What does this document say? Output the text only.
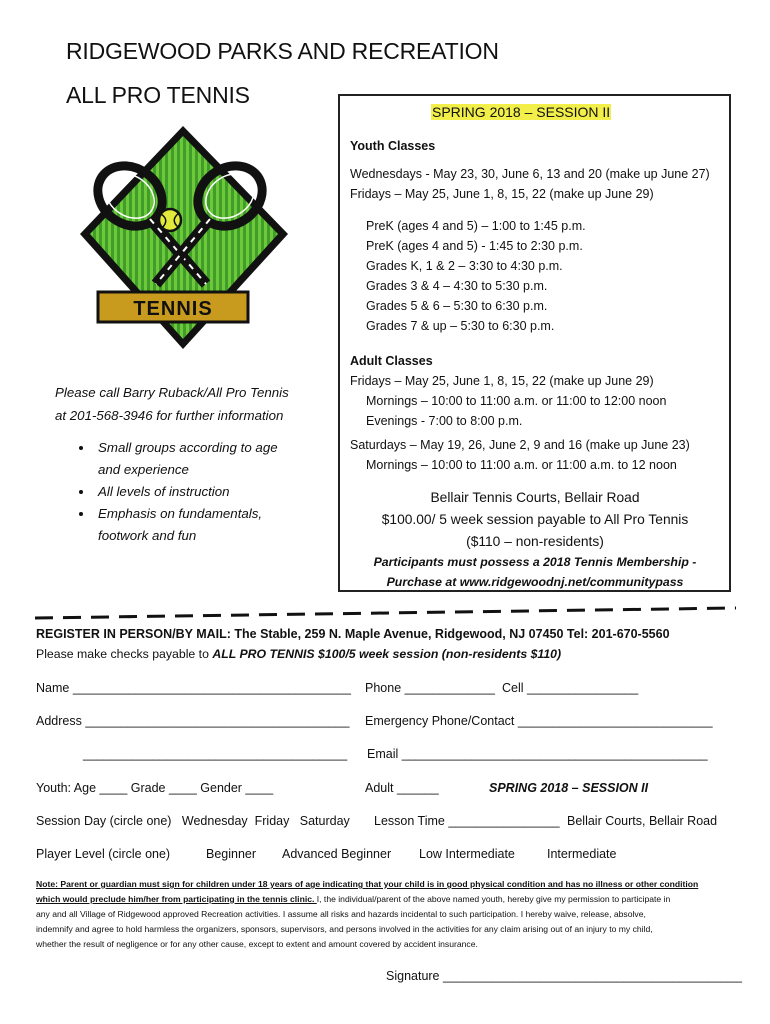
RIDGEWOOD PARKS AND RECREATION
ALL PRO TENNIS
TENNIS
Please call Barry Ruback/All Pro Tennis
at 201-568-3946 for further information
• Small groups according to age
and experience
• All levels of instruction
• Emphasis on fundamentals,
footwork and fun
SPRING 2018 – SESSION II
Youth Classes
Wednesdays - May 23, 30, June 6, 13 and 20 (make up June 27)
Fridays – May 25, June 1, 8, 15, 22 (make up June 29)
PreK (ages 4 and 5) – 1:00 to 1:45 p.m.
PreK (ages 4 and 5) - 1:45 to 2:30 p.m.
Grades K, 1 & 2 – 3:30 to 4:30 p.m.
Grades 3 & 4 – 4:30 to 5:30 p.m.
Grades 5 & 6 – 5:30 to 6:30 p.m.
Grades 7 & up – 5:30 to 6:30 p.m.
Adult Classes
Fridays – May 25, June 1, 8, 15, 22 (make up June 29)
Mornings – 10:00 to 11:00 a.m. or 11:00 to 12:00 noon
Evenings - 7:00 to 8:00 p.m.
Saturdays – May 19, 26, June 2, 9 and 16 (make up June 23)
Mornings – 10:00 to 11:00 a.m. or 11:00 a.m. to 12 noon
Bellair Tennis Courts, Bellair Road
$100.00/ 5 week session payable to All Pro Tennis
($110 – non-residents)
Participants must possess a 2018 Tennis Membership -
Purchase at www.ridgewoodnj.net/communitypass
REGISTER IN PERSON/BY MAIL: The Stable, 259 N. Maple Avenue, Ridgewood, NJ 07450 Tel: 201-670-5560
Please make checks payable to ALL PRO TENNIS $100/5 week session (non-residents $110)
Name ________________________________________ Phone _____________ Cell ________________
Address ______________________________________ Emergency Phone/Contact ____________________________
______________________________________ Email ____________________________________________
Youth: Age ____ Grade ____ Gender ____	Adult ______	SPRING 2018 – SESSION II
Session Day (circle one)   Wednesday  Friday   Saturday Lesson Time ________________ Bellair Courts, Bellair Road
Player Level (circle one)	Beginner Advanced Beginner Low Intermediate	Intermediate
Note: Parent or guardian must sign for children under 18 years of age indicating that your child is in good physical condition and has no illness or other condition
which would preclude him/her from participating in the tennis clinic. I, the individual/parent of the above named youth, hereby give my permission to participate in
any and all Village of Ridgewood approved Recreation activities. I assume all risks and hazards incidental to such participation. I hereby waive, release, absolve,
indemnify and agree to hold harmless the organizers, sponsors, supervisors, and persons involved in the activities for any claim arising out of an injury to my child,
whether the result of negligence or for any other cause, except to extent and amount covered by accident insurance.
Signature ___________________________________________
